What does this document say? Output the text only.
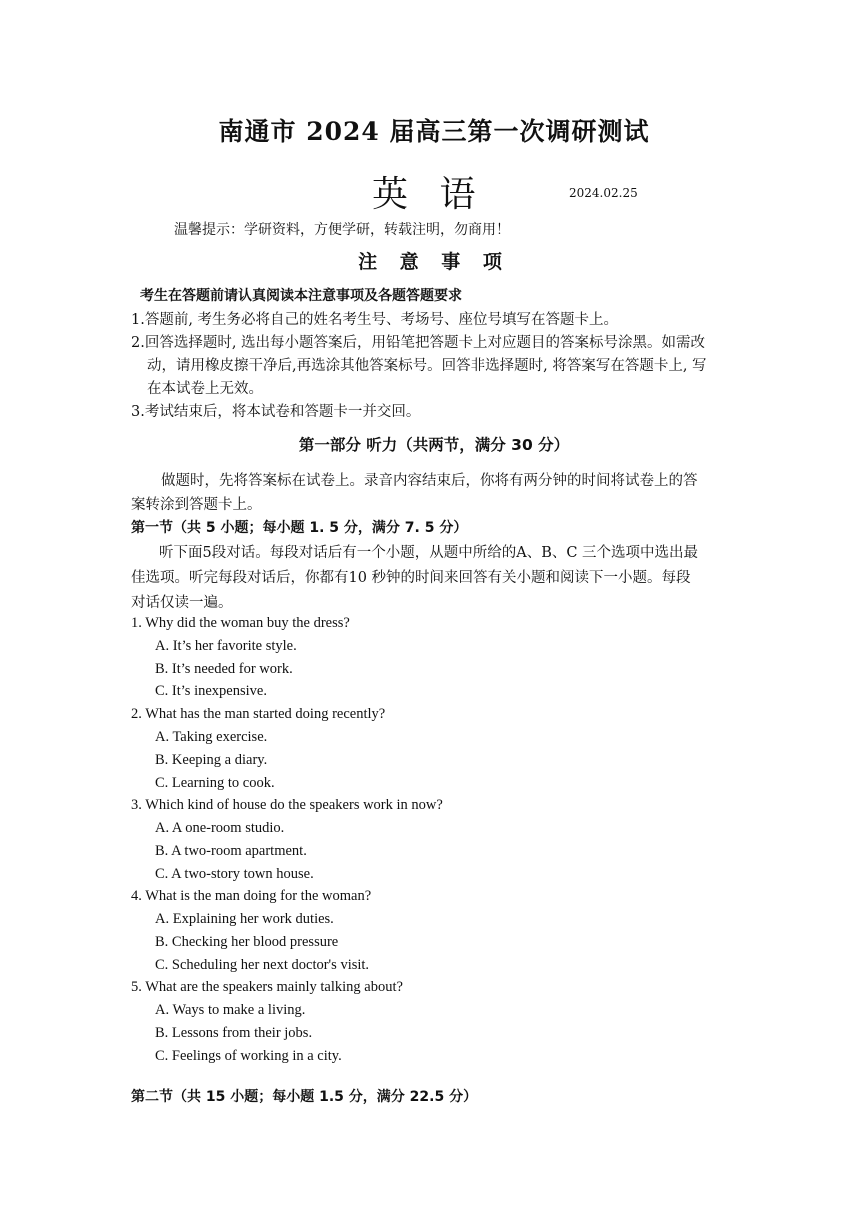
南通市 2024 届高三第一次调研测试
英 语	2024.02.25
温馨提示：学研资料，方便学研，转载注明，勿商用！
注 意 事 项
考生在答题前请认真阅读本注意事项及各题答题要求
1.答题前, 考生务必将自己的姓名考生号、考场号、座位号填写在答题卡上。
2.回答选择题时, 选出每小题答案后，用铅笔把答题卡上对应题目的答案标号涂黑。如需改
动，请用橡皮擦干净后,再选涂其他答案标号。回答非选择题时, 将答案写在答题卡上, 写
在本试卷上无效。
3.考试结束后，将本试卷和答题卡一并交回。
第一部分 听力（共两节，满分 30 分）
做题时，先将答案标在试卷上。录音内容结束后，你将有两分钟的时间将试卷上的答
案转涂到答题卡上。
第一节（共 5 小题；每小题 1. 5 分，满分 7. 5 分）
听下面5段对话。每段对话后有一个小题，从题中所给的A、B、C 三个选项中选出最
佳选项。听完每段对话后，你都有10 秒钟的时间来回答有关小题和阅读下一小题。每段
对话仅读一遍。
1. Why did the woman buy the dress?
A. It’s her favorite style.
B. It’s needed for work.
C. It’s inexpensive.
2. What has the man started doing recently?
A. Taking exercise.
B. Keeping a diary.
C. Learning to cook.
3. Which kind of house do the speakers work in now?
A. A one-room studio.
B. A two-room apartment.
C. A two-story town house.
4. What is the man doing for the woman?
A. Explaining her work duties.
B. Checking her blood pressure
C. Scheduling her next doctor's visit.
5. What are the speakers mainly talking about?
A. Ways to make a living.
B. Lessons from their jobs.
C. Feelings of working in a city.
第二节（共 15 小题；每小题 1.5 分，满分 22.5 分）
